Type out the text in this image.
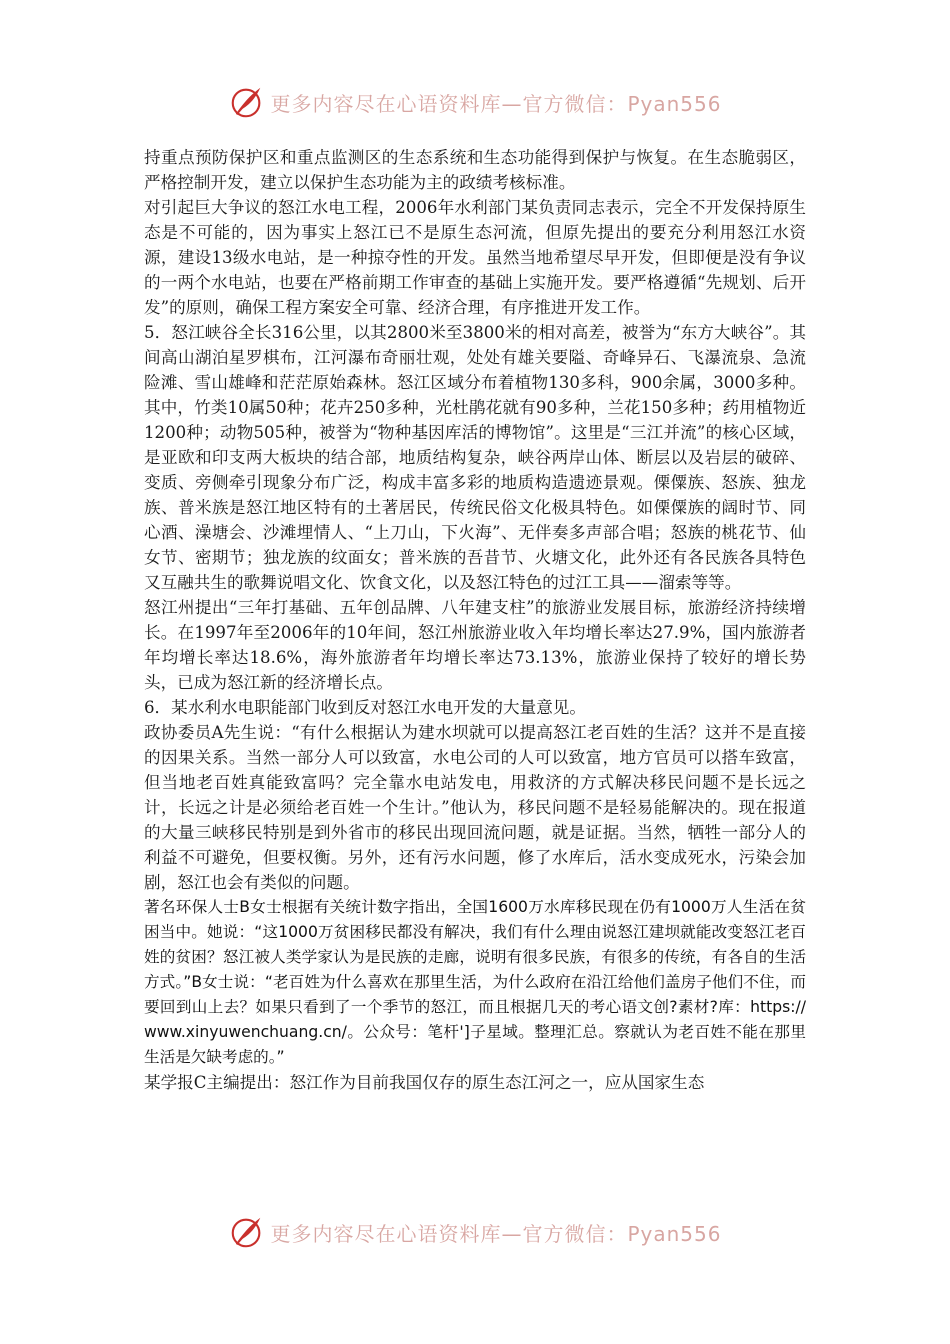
更多内容尽在心语资料库—官方微信：Pyan556

持重点预防保护区和重点监测区的生态系统和生态功能得到保护与恢复。在生态脆弱区，严格控制开发，建立以保护生态功能为主的政绩考核标准。

对引起巨大争议的怒江水电工程，2006年水利部门某负责同志表示，完全不开发保持原生态是不可能的，因为事实上怒江已不是原生态河流，但原先提出的要充分利用怒江水资源，建设13级水电站，是一种掠夺性的开发。虽然当地希望尽早开发，但即便是没有争议的一两个水电站，也要在严格前期工作审查的基础上实施开发。要严格遵循“先规划、后开发”的原则，确保工程方案安全可靠、经济合理，有序推进开发工作。

5．怒江峡谷全长316公里，以其2800米至3800米的相对高差，被誉为“东方大峡谷”。其间高山湖泊星罗棋布，江河瀑布奇丽壮观，处处有雄关要隘、奇峰异石、飞瀑流泉、急流险滩、雪山雄峰和茫茫原始森林。怒江区域分布着植物130多科，900余属，3000多种。其中，竹类10属50种；花卉250多种，光杜鹃花就有90多种，兰花150多种；药用植物近1200种；动物505种，被誉为“物种基因库活的博物馆”。这里是“三江并流”的核心区域，是亚欧和印支两大板块的结合部，地质结构复杂，峡谷两岸山体、断层以及岩层的破碎、变质、旁侧牵引现象分布广泛，构成丰富多彩的地质构造遗迹景观。傈僳族、怒族、独龙族、普米族是怒江地区特有的土著居民，传统民俗文化极具特色。如傈僳族的阔时节、同心酒、澡塘会、沙滩埋情人、“上刀山，下火海”、无伴奏多声部合唱；怒族的桃花节、仙女节、密期节；独龙族的纹面女；普米族的吾昔节、火塘文化，此外还有各民族各具特色又互融共生的歌舞说唱文化、饮食文化，以及怒江特色的过江工具——溜索等等。

怒江州提出“三年打基础、五年创品牌、八年建支柱”的旅游业发展目标，旅游经济持续增长。在1997年至2006年的10年间，怒江州旅游业收入年均增长率达27.9%，国内旅游者年均增长率达18.6%，海外旅游者年均增长率达73.13%，旅游业保持了较好的增长势头，已成为怒江新的经济增长点。

6．某水利水电职能部门收到反对怒江水电开发的大量意见。

政协委员A先生说：“有什么根据认为建水坝就可以提高怒江老百姓的生活？这并不是直接的因果关系。当然一部分人可以致富，水电公司的人可以致富，地方官员可以搭车致富，但当地老百姓真能致富吗？完全靠水电站发电，用救济的方式解决移民问题不是长远之计，长远之计是必须给老百姓一个生计。”他认为，移民问题不是轻易能解决的。现在报道的大量三峡移民特别是到外省市的移民出现回流问题，就是证据。当然，牺牲一部分人的利益不可避免，但要权衡。另外，还有污水问题，修了水库后，活水变成死水，污染会加剧，怒江也会有类似的问题。

著名环保人士B女士根据有关统计数字指出，全国1600万水库移民现在仍有1000万人生活在贫困当中。她说：“这1000万贫困移民都没有解决，我们有什么理由说怒江建坝就能改变怒江老百姓的贫困？怒江被人类学家认为是民族的走廊，说明有很多民族，有很多的传统，有各自的生活方式。”B女士说：“老百姓为什么喜欢在那里生活，为什么政府在沿江给他们盖房子他们不住，而要回到山上去？如果只看到了一个季节的怒江，而且根据几天的考心语文创?素材?库：https://www.xinyuwenchuang.cn/。公众号：笔杆']子星域。整理汇总。察就认为老百姓不能在那里生活是欠缺考虑的。”

某学报C主编提出：怒江作为目前我国仅存的原生态江河之一，应从国家生态

更多内容尽在心语资料库—官方微信：Pyan556
